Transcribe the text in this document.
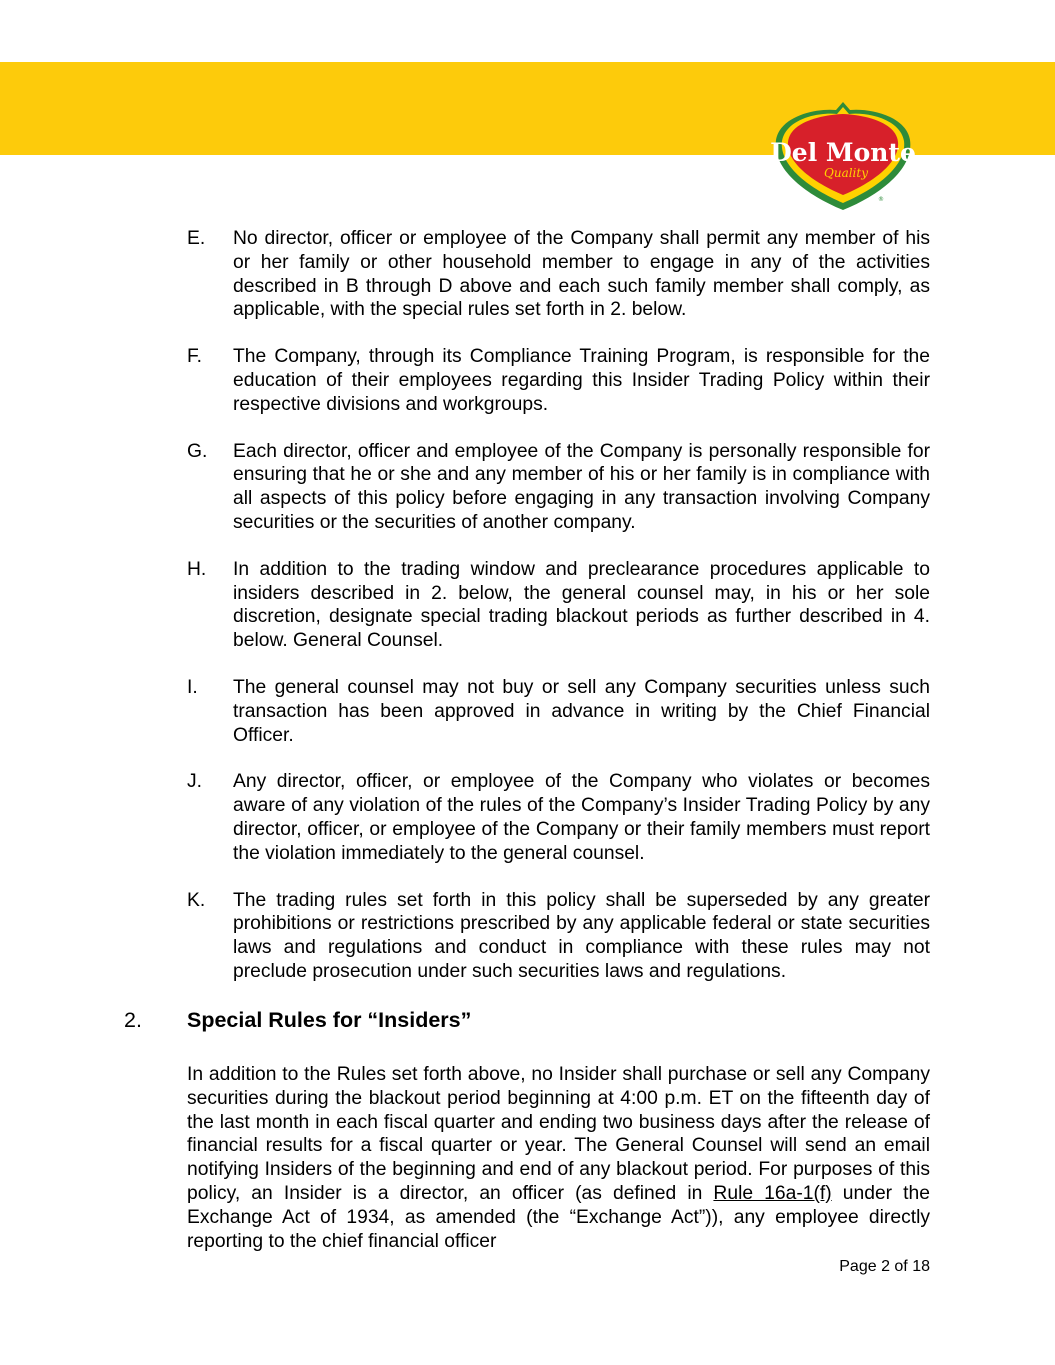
Del Monte
Quality
®
E.	No director, officer or employee of the Company shall permit any member of his or her family or other household member to engage in any of the activities described in B through D above and each such family member shall comply, as applicable, with the special rules set forth in 2. below.
F.	The Company, through its Compliance Training Program, is responsible for the education of their employees regarding this Insider Trading Policy within their respective divisions and workgroups.
G.	Each director, officer and employee of the Company is personally responsible for ensuring that he or she and any member of his or her family is in compliance with all aspects of this policy before engaging in any transaction involving Company securities or the securities of another company.
H.	In addition to the trading window and preclearance procedures applicable to insiders described in 2. below, the general counsel may, in his or her sole discretion, designate special trading blackout periods as further described in 4. below. General Counsel.
I.	The general counsel may not buy or sell any Company securities unless such transaction has been approved in advance in writing by the Chief Financial Officer.
J.	Any director, officer, or employee of the Company who violates or becomes aware of any violation of the rules of the Company’s Insider Trading Policy by any director, officer, or employee of the Company or their family members must report the violation immediately to the general counsel.
K.	The trading rules set forth in this policy shall be superseded by any greater prohibitions or restrictions prescribed by any applicable federal or state securities laws and regulations and conduct in compliance with these rules may not preclude prosecution under such securities laws and regulations.
2.	Special Rules for “Insiders”
In addition to the Rules set forth above, no Insider shall purchase or sell any Company securities during the blackout period beginning at 4:00 p.m. ET on the fifteenth day of the last month in each fiscal quarter and ending two business days after the release of financial results for a fiscal quarter or year. The General Counsel will send an email notifying Insiders of the beginning and end of any blackout period. For purposes of this policy, an Insider is a director, an officer (as defined in Rule 16a-1(f) under the Exchange Act of 1934, as amended (the “Exchange Act”)), any employee directly reporting to the chief financial officer
Page 2 of 18
